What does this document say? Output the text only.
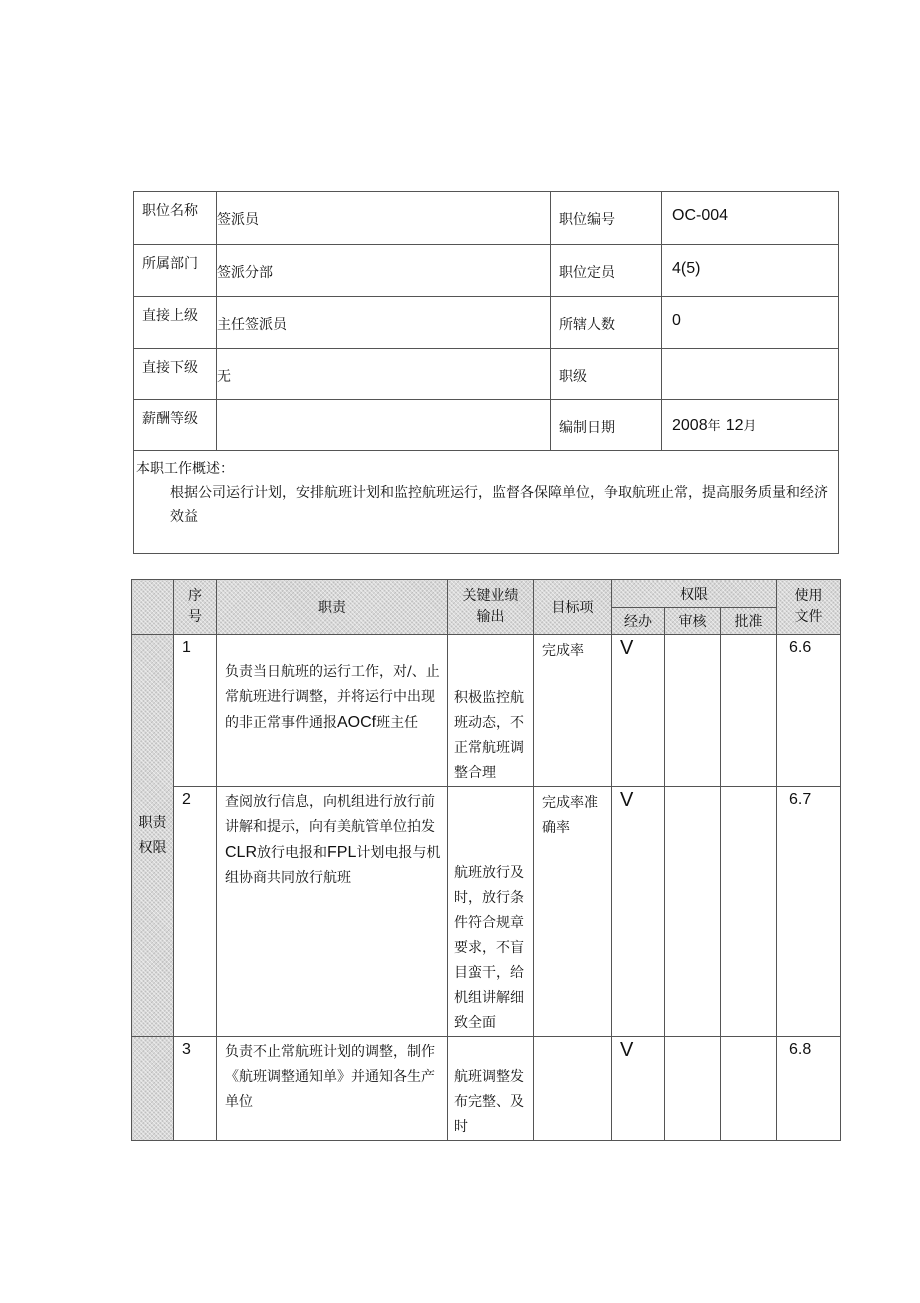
职位名称	签派员	职位编号	OC-004
所属部门	签派分部	职位定员	4(5)
直接上级	主任签派员	所辖人数	0
直接下级	无	职级	
薪酬等级		编制日期	2008年 12月

本职工作概述：
根据公司运行计划，安排航班计划和监控航班运行，监督各保障单位，争取航班止常，提高服务质量和经济效益			
	序号	职责	关键业绩输出	目标项	权限			使用文件
					经办	审核	批准	
职责权限	1	负责当日航班的运行工作，对/、止常航班进行调整，并将运行中出现的非正常事件通报AOCf班主任	积极监控航班动态，不正常航班调整合理	完成率	V			6.6
	2	查阅放行信息，向机组进行放行前讲解和提示，向有美航管单位拍发CLR放行电报和FPL计划电报与机组协商共同放行航班	航班放行及时，放行条件符合规章要求，不盲目蛮干，给机组讲解细致全面	完成率准确率	V			6.7
	3	负责不止常航班计划的调整，制作《航班调整通知单》并通知各生产单位	航班调整发布完整、及时		V			6.8
